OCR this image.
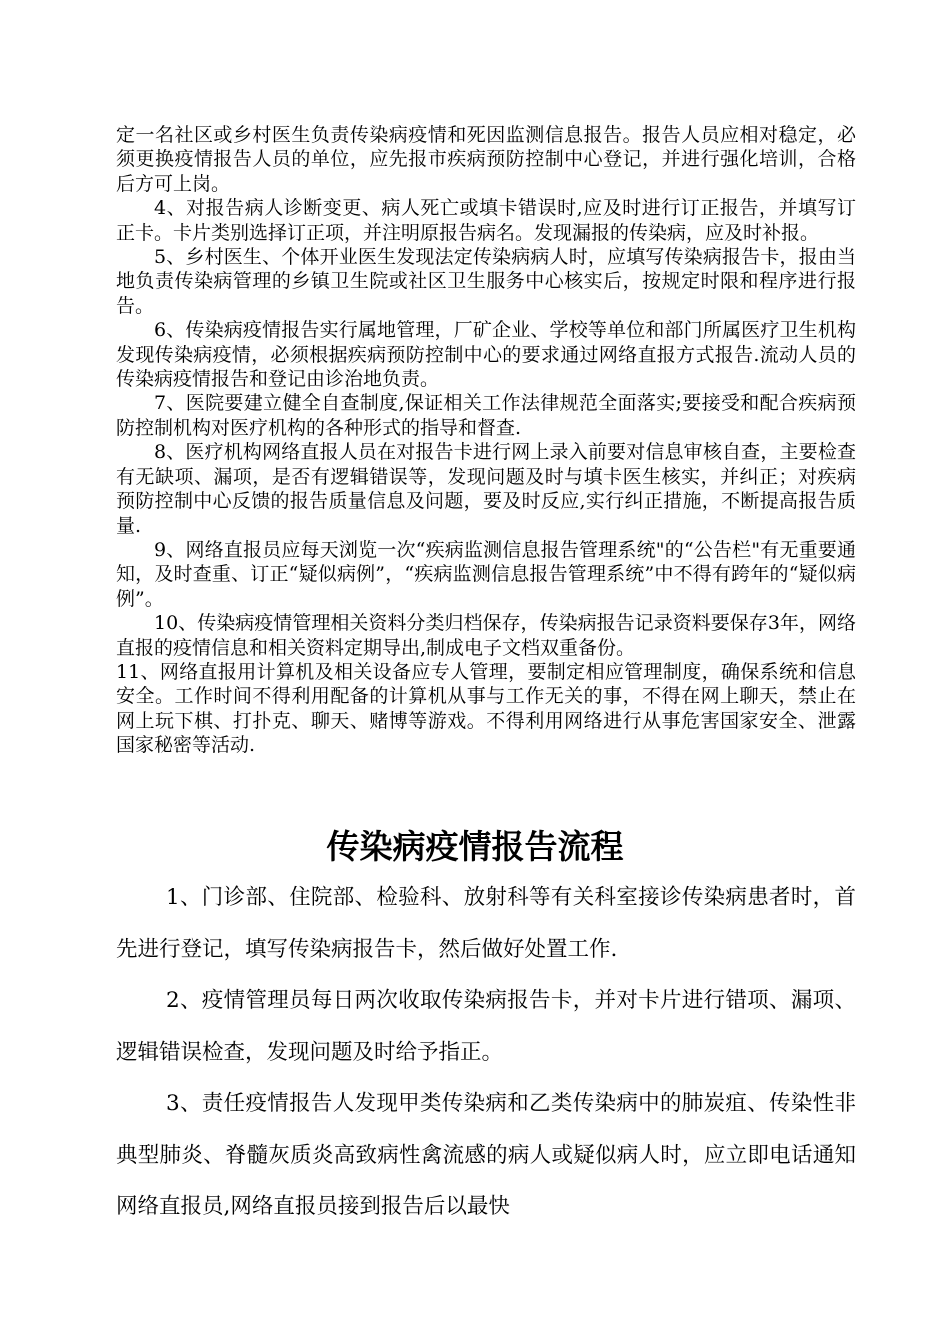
定一名社区或乡村医生负责传染病疫情和死因监测信息报告。报告人员应相对稳定，必须更换疫情报告人员的单位，应先报市疾病预防控制中心登记，并进行强化培训，合格后方可上岗。

4、对报告病人诊断变更、病人死亡或填卡错误时,应及时进行订正报告，并填写订正卡。卡片类别选择订正项，并注明原报告病名。发现漏报的传染病，应及时补报。

5、乡村医生、个体开业医生发现法定传染病病人时，应填写传染病报告卡，报由当地负责传染病管理的乡镇卫生院或社区卫生服务中心核实后，按规定时限和程序进行报告。

6、传染病疫情报告实行属地管理，厂矿企业、学校等单位和部门所属医疗卫生机构发现传染病疫情，必须根据疾病预防控制中心的要求通过网络直报方式报告.流动人员的传染病疫情报告和登记由诊治地负责。

7、医院要建立健全自查制度,保证相关工作法律规范全面落实;要接受和配合疾病预防控制机构对医疗机构的各种形式的指导和督查.

8、医疗机构网络直报人员在对报告卡进行网上录入前要对信息审核自查，主要检查有无缺项、漏项，是否有逻辑错误等，发现问题及时与填卡医生核实，并纠正；对疾病预防控制中心反馈的报告质量信息及问题，要及时反应,实行纠正措施，不断提高报告质量.

9、网络直报员应每天浏览一次“疾病监测信息报告管理系统"的“公告栏"有无重要通知，及时查重、订正“疑似病例”，“疾病监测信息报告管理系统”中不得有跨年的“疑似病例”。

10、传染病疫情管理相关资料分类归档保存，传染病报告记录资料要保存3年，网络直报的疫情信息和相关资料定期导出,制成电子文档双重备份。

11、网络直报用计算机及相关设备应专人管理，要制定相应管理制度，确保系统和信息安全。工作时间不得利用配备的计算机从事与工作无关的事，不得在网上聊天，禁止在网上玩下棋、打扑克、聊天、赌博等游戏。不得利用网络进行从事危害国家安全、泄露国家秘密等活动.

传染病疫情报告流程

1、门诊部、住院部、检验科、放射科等有关科室接诊传染病患者时，首先进行登记，填写传染病报告卡，然后做好处置工作.

2、疫情管理员每日两次收取传染病报告卡，并对卡片进行错项、漏项、逻辑错误检查，发现问题及时给予指正。

3、责任疫情报告人发现甲类传染病和乙类传染病中的肺炭疽、传染性非典型肺炎、脊髓灰质炎高致病性禽流感的病人或疑似病人时，应立即电话通知网络直报员,网络直报员接到报告后以最快
